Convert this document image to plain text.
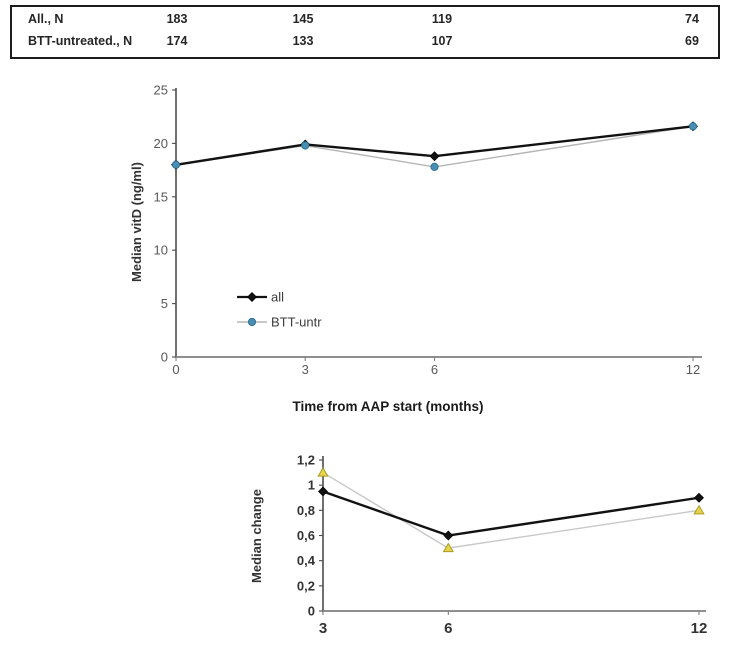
All., N	183	145	119	74
BTT-untreated., N	174	133	107	69
0
5
10
15
20
25
0	3	6	12
all
BTT-untr
Median vitD (ng/ml)
Time from AAP start (months)
0
0,2
0,4
0,6
0,8
1
1,2
3	6	12
Median change
